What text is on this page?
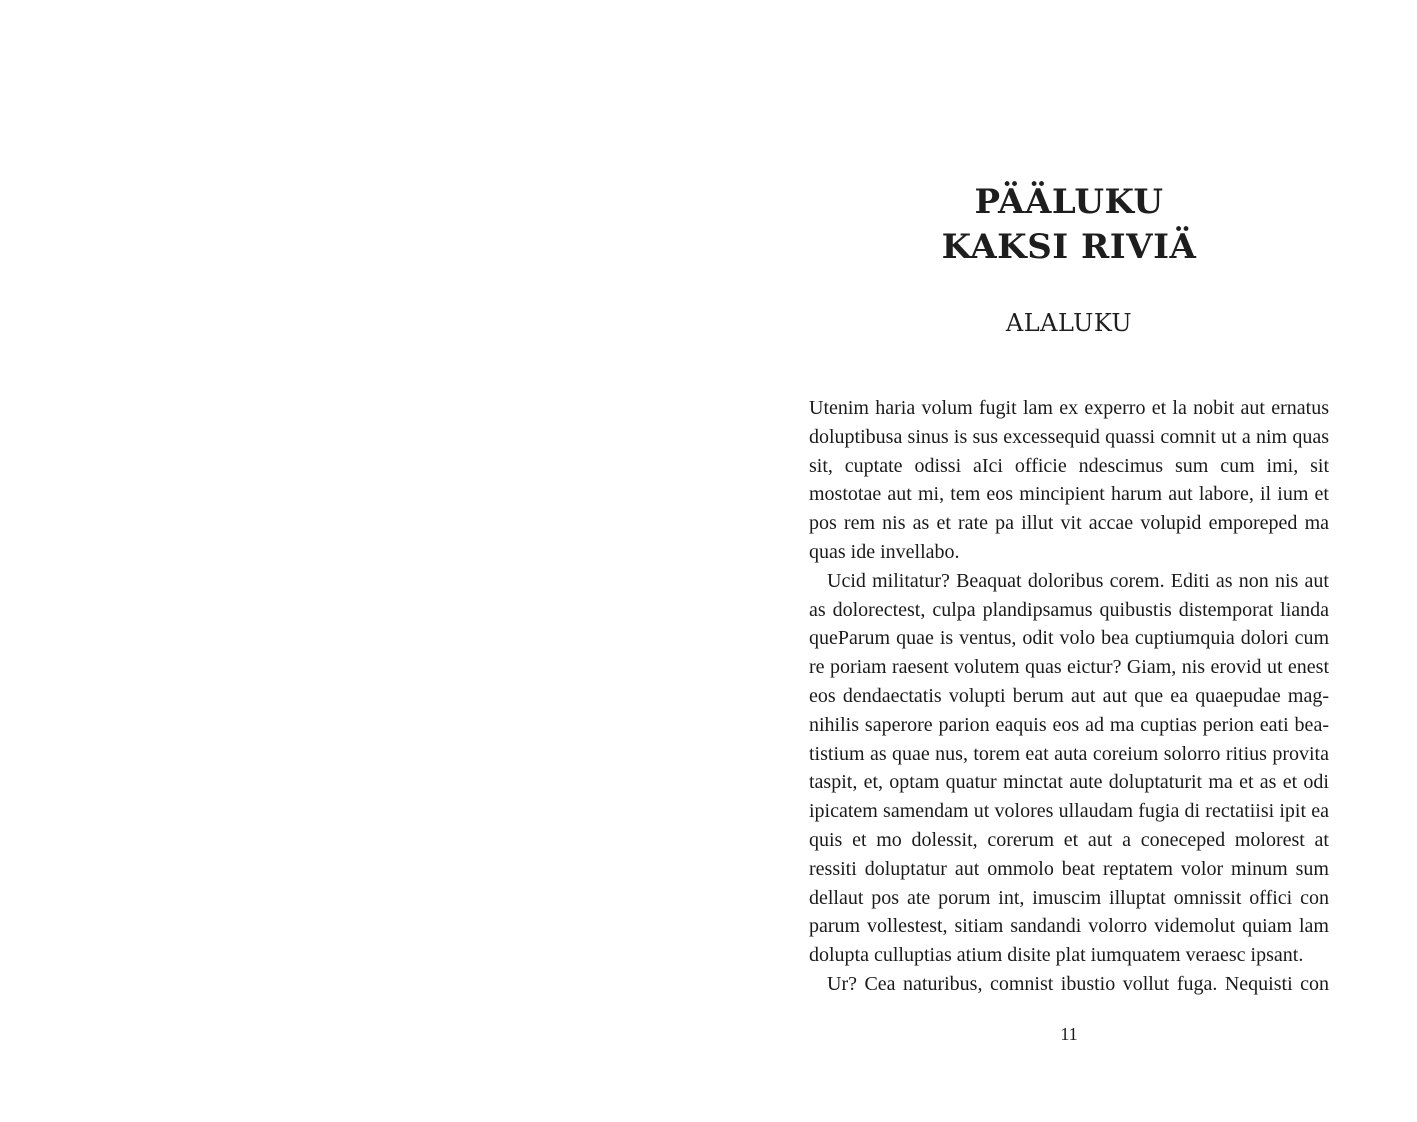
PÄÄLUKU
KAKSI RIVIÄ
ALALUKU

Utenim haria volum fugit lam ex experro et la nobit aut ernatus doluptibusa sinus is sus excessequid quassi comnit ut a nim quas sit, cuptate odissi aIci officie ndescimus sum cum imi, sit mostotae aut mi, tem eos mincipient harum aut labore, il ium et pos rem nis as et rate pa illut vit accae volupid emporeped ma quas ide invellabo.

Ucid militatur? Beaquat doloribus corem. Editi as non nis aut as dolorectest, culpa plandipsamus quibustis distemporat lianda queParum quae is ventus, odit volo bea cuptiumquia dolori cum re poriam raesent volutem quas eictur? Giam, nis erovid ut enest eos dendaectatis volupti berum aut aut que ea quaepudae magnihilis saperore parion eaquis eos ad ma cuptias perion eati beatistium as quae nus, torem eat auta coreium solorro ritius provita taspit, et, optam quatur minctat aute doluptaturit ma et as et odi ipicatem samendam ut volores ullaudam fugia di rectatiisi ipit ea quis et mo dolessit, corerum et aut a coneceped molorest at ressiti doluptatur aut ommolo beat reptatem volor minum sum dellaut pos ate porum int, imuscim illuptat omnissit offici con parum vollestest, sitiam sandandi volorro videmolut quiam lam dolupta culluptias atium disite plat iumquatem veraesc ipsant.

Ur? Cea naturibus, comnist ibustio vollut fuga. Nequisti con

11
